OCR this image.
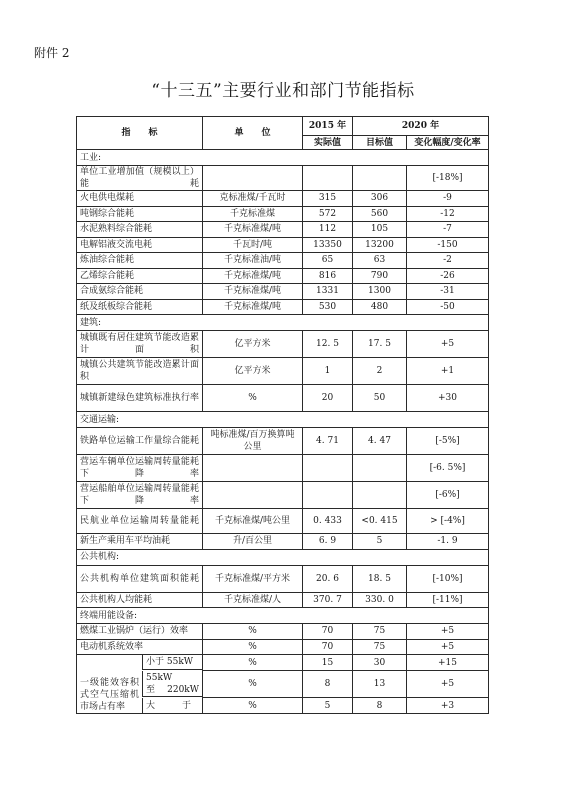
附件 2
“十三五”主要行业和部门节能指标
指　　标	单　　位	2015 年	2020 年	
		实际值	目标值	变化幅度/变化率
工业:				
单位工业增加值（规模以上）能耗				[-18%]
火电供电煤耗	克标准煤/千瓦时	315	306	-9
吨钢综合能耗	千克标准煤	572	560	-12
水泥熟料综合能耗	千克标准煤/吨	112	105	-7
电解铝液交流电耗	千瓦时/吨	13350	13200	-150
炼油综合能耗	千克标准油/吨	65	63	-2
乙烯综合能耗	千克标准煤/吨	816	790	-26
合成氨综合能耗	千克标准煤/吨	1331	1300	-31
纸及纸板综合能耗	千克标准煤/吨	530	480	-50
建筑:				
城镇既有居住建筑节能改造累计面积	亿平方米	12. 5	17. 5	+5
城镇公共建筑节能改造累计面积	亿平方米	1	2	+1
城镇新建绿色建筑标准执行率	%	20	50	+30
交通运输:				
铁路单位运输工作量综合能耗	吨标准煤/百万换算吨公里	4. 71	4. 47	[-5%]
营运车辆单位运输周转量能耗下降率				[-6. 5%]
营运船舶单位运输周转量能耗下降率				[-6%]
民航业单位运输周转量能耗	千克标准煤/吨公里	0. 433	<0. 415	> [-4%]
新生产乘用车平均油耗	升/百公里	6. 9	5	-1. 9
公共机构:				
公共机构单位建筑面积能耗	千克标准煤/平方米	20. 6	18. 5	[-10%]
公共机构人均能耗	千克标准煤/人	370. 7	330. 0	[-11%]
终端用能设备:				
燃煤工业锅炉（运行）效率	%	70	75	+5
电动机系统效率	%	70	75	+5

一级能效容积式空气压缩机市场占有率
小于 55kW	%	15	30	+15

55kW　　至 220kW	%	8	13	+5

大　　　于	%	5	8	+3
